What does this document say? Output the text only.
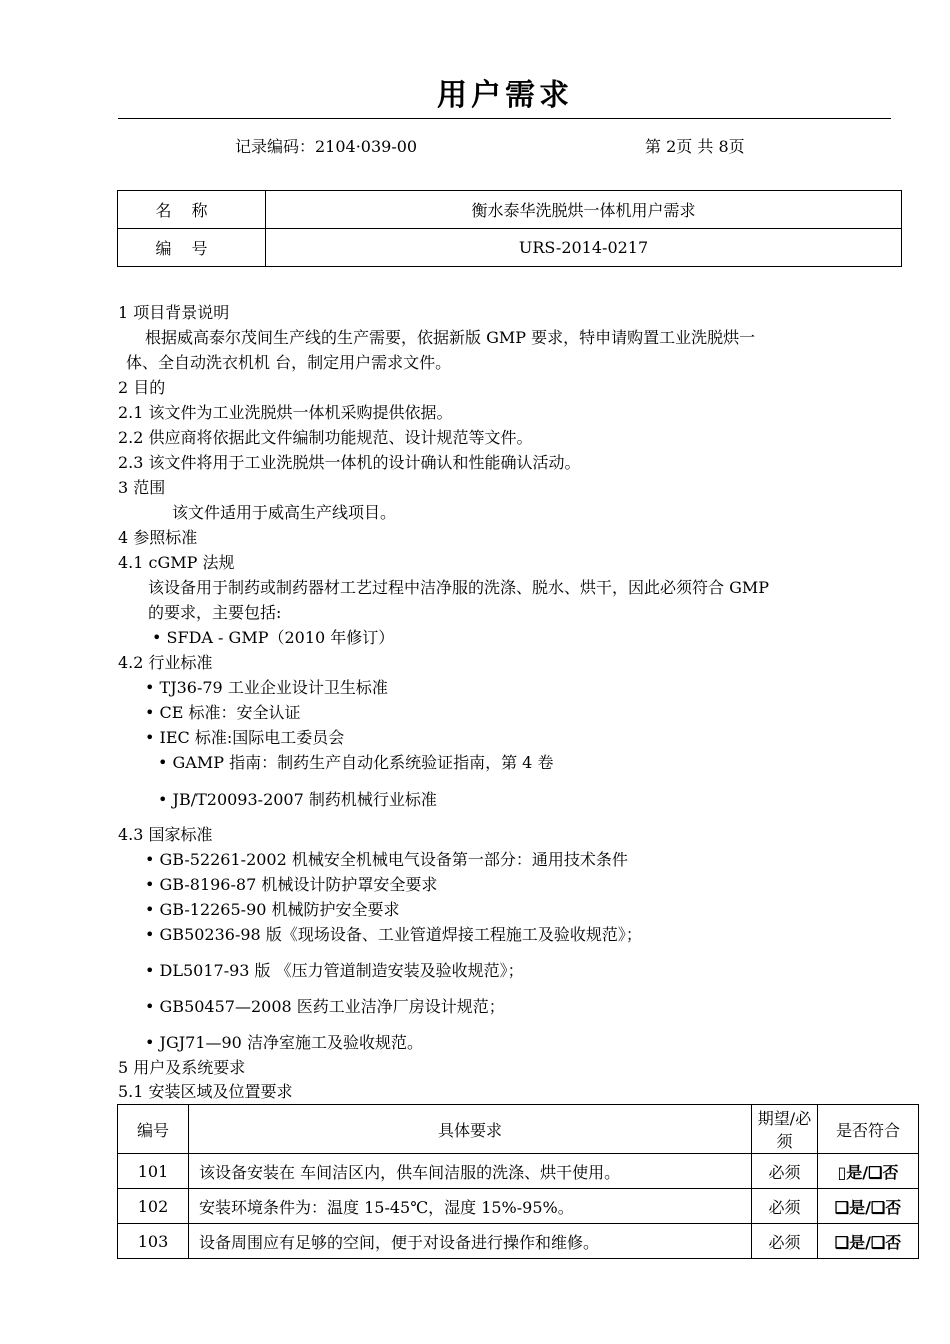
用户需求
记录编码：2104·039-00	第 2页 共 8页
名称	衡水泰华洗脱烘一体机用户需求
编号	URS-2014-0217
1 项目背景说明
根据威高泰尔茂间生产线的生产需要，依据新版 GMP 要求，特申请购置工业洗脱烘一
体、全自动洗衣机机 台，制定用户需求文件。
2 目的
2.1 该文件为工业洗脱烘一体机采购提供依据。
2.2 供应商将依据此文件编制功能规范、设计规范等文件。
2.3 该文件将用于工业洗脱烘一体机的设计确认和性能确认活动。
3 范围
该文件适用于威高生产线项目。
4 参照标准
4.1 cGMP 法规
该设备用于制药或制药器材工艺过程中洁净服的洗涤、脱水、烘干，因此必须符合 GMP
的要求，主要包括:
• SFDA - GMP（2010 年修订）
4.2 行业标准
• TJ36-79 工业企业设计卫生标准
• CE 标准：安全认证
• IEC 标准:国际电工委员会
• GAMP 指南：制药生产自动化系统验证指南，第 4 卷
• JB/T20093-2007 制药机械行业标准
4.3 国家标准
• GB-52261-2002 机械安全机械电气设备第一部分：通用技术条件
• GB-8196-87 机械设计防护罩安全要求
• GB-12265-90 机械防护安全要求
• GB50236-98 版《现场设备、工业管道焊接工程施工及验收规范》；
• DL5017-93 版 《压力管道制造安装及验收规范》；
• GB50457—2008 医药工业洁净厂房设计规范；
• JGJ71—90 洁净室施工及验收规范。
5 用户及系统要求
5.1 安装区域及位置要求
编号	具体要求	期望/必须	是否符合
101	该设备安装在 车间洁区内，供车间洁服的洗涤、烘干使用。	必须	▯是/❑否
102	安装环境条件为：温度 15-45℃，湿度 15%-95%。	必须	❑是/❑否
103	设备周围应有足够的空间，便于对设备进行操作和维修。	必须	❑是/❑否
